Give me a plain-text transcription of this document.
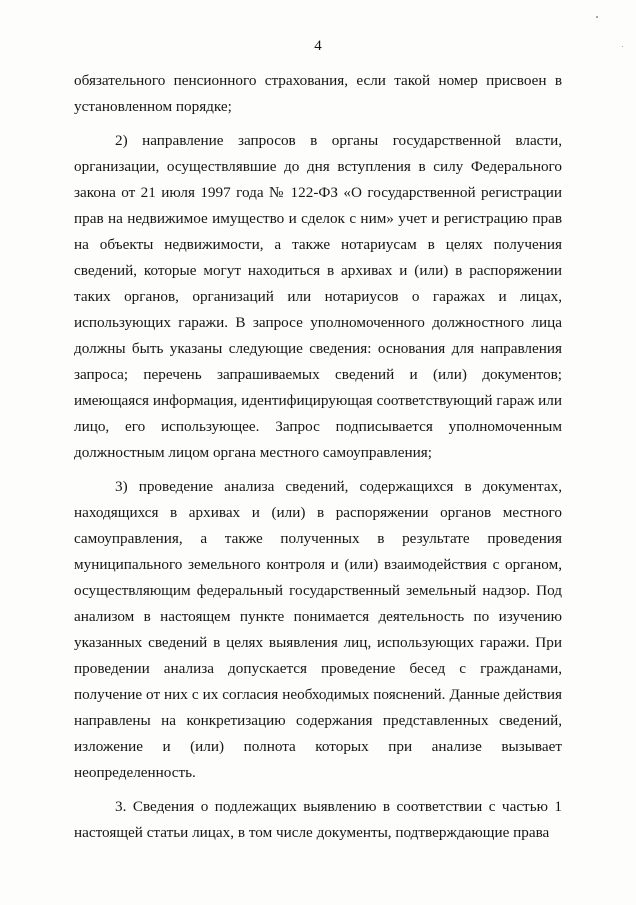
4

обязательного пенсионного страхования, если такой номер присвоен в установленном порядке;

2) направление запросов в органы государственной власти, организации, осуществлявшие до дня вступления в силу Федерального закона от 21 июля 1997 года № 122-ФЗ «О государственной регистрации прав на недвижимое имущество и сделок с ним» учет и регистрацию прав на объекты недвижимости, а также нотариусам в целях получения сведений, которые могут находиться в архивах и (или) в распоряжении таких органов, организаций или нотариусов о гаражах и лицах, использующих гаражи. В запросе уполномоченного должностного лица должны быть указаны следующие сведения: основания для направления запроса; перечень запрашиваемых сведений и (или) документов; имеющаяся информация, идентифицирующая соответствующий гараж или лицо, его использующее. Запрос подписывается уполномоченным должностным лицом органа местного самоуправления;

3) проведение анализа сведений, содержащихся в документах, находящихся в архивах и (или) в распоряжении органов местного самоуправления, а также полученных в результате проведения муниципального земельного контроля и (или) взаимодействия с органом, осуществляющим федеральный государственный земельный надзор. Под анализом в настоящем пункте понимается деятельность по изучению указанных сведений в целях выявления лиц, использующих гаражи. При проведении анализа допускается проведение бесед с гражданами, получение от них с их согласия необходимых пояснений. Данные действия направлены на конкретизацию содержания представленных сведений, изложение и (или) полнота которых при анализе вызывает неопределенность.

3. Сведения о подлежащих выявлению в соответствии с частью 1 настоящей статьи лицах, в том числе документы, подтверждающие права
